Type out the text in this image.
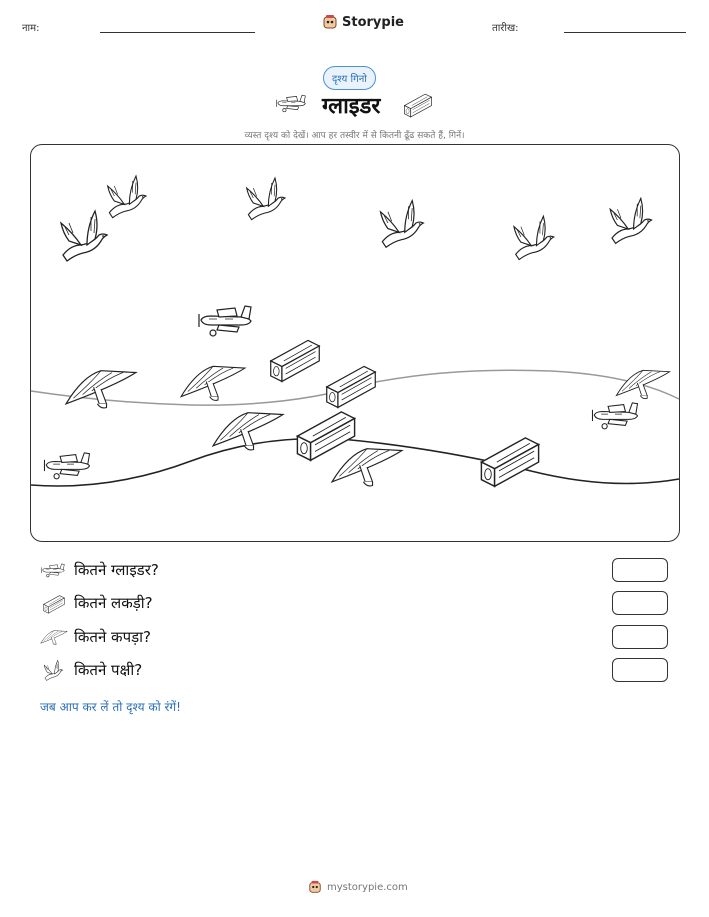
नाम:	Storypie	तारीख:
दृश्य गिनो
ग्लाइडर
व्यस्त दृश्य को देखें। आप हर तस्वीर में से कितनी ढूँढ सकते हैं, गिनें।
कितने ग्लाइडर?
कितने लकड़ी?
कितने कपड़ा?
कितने पक्षी?
जब आप कर लें तो दृश्य को रंगें!
mystorypie.com
